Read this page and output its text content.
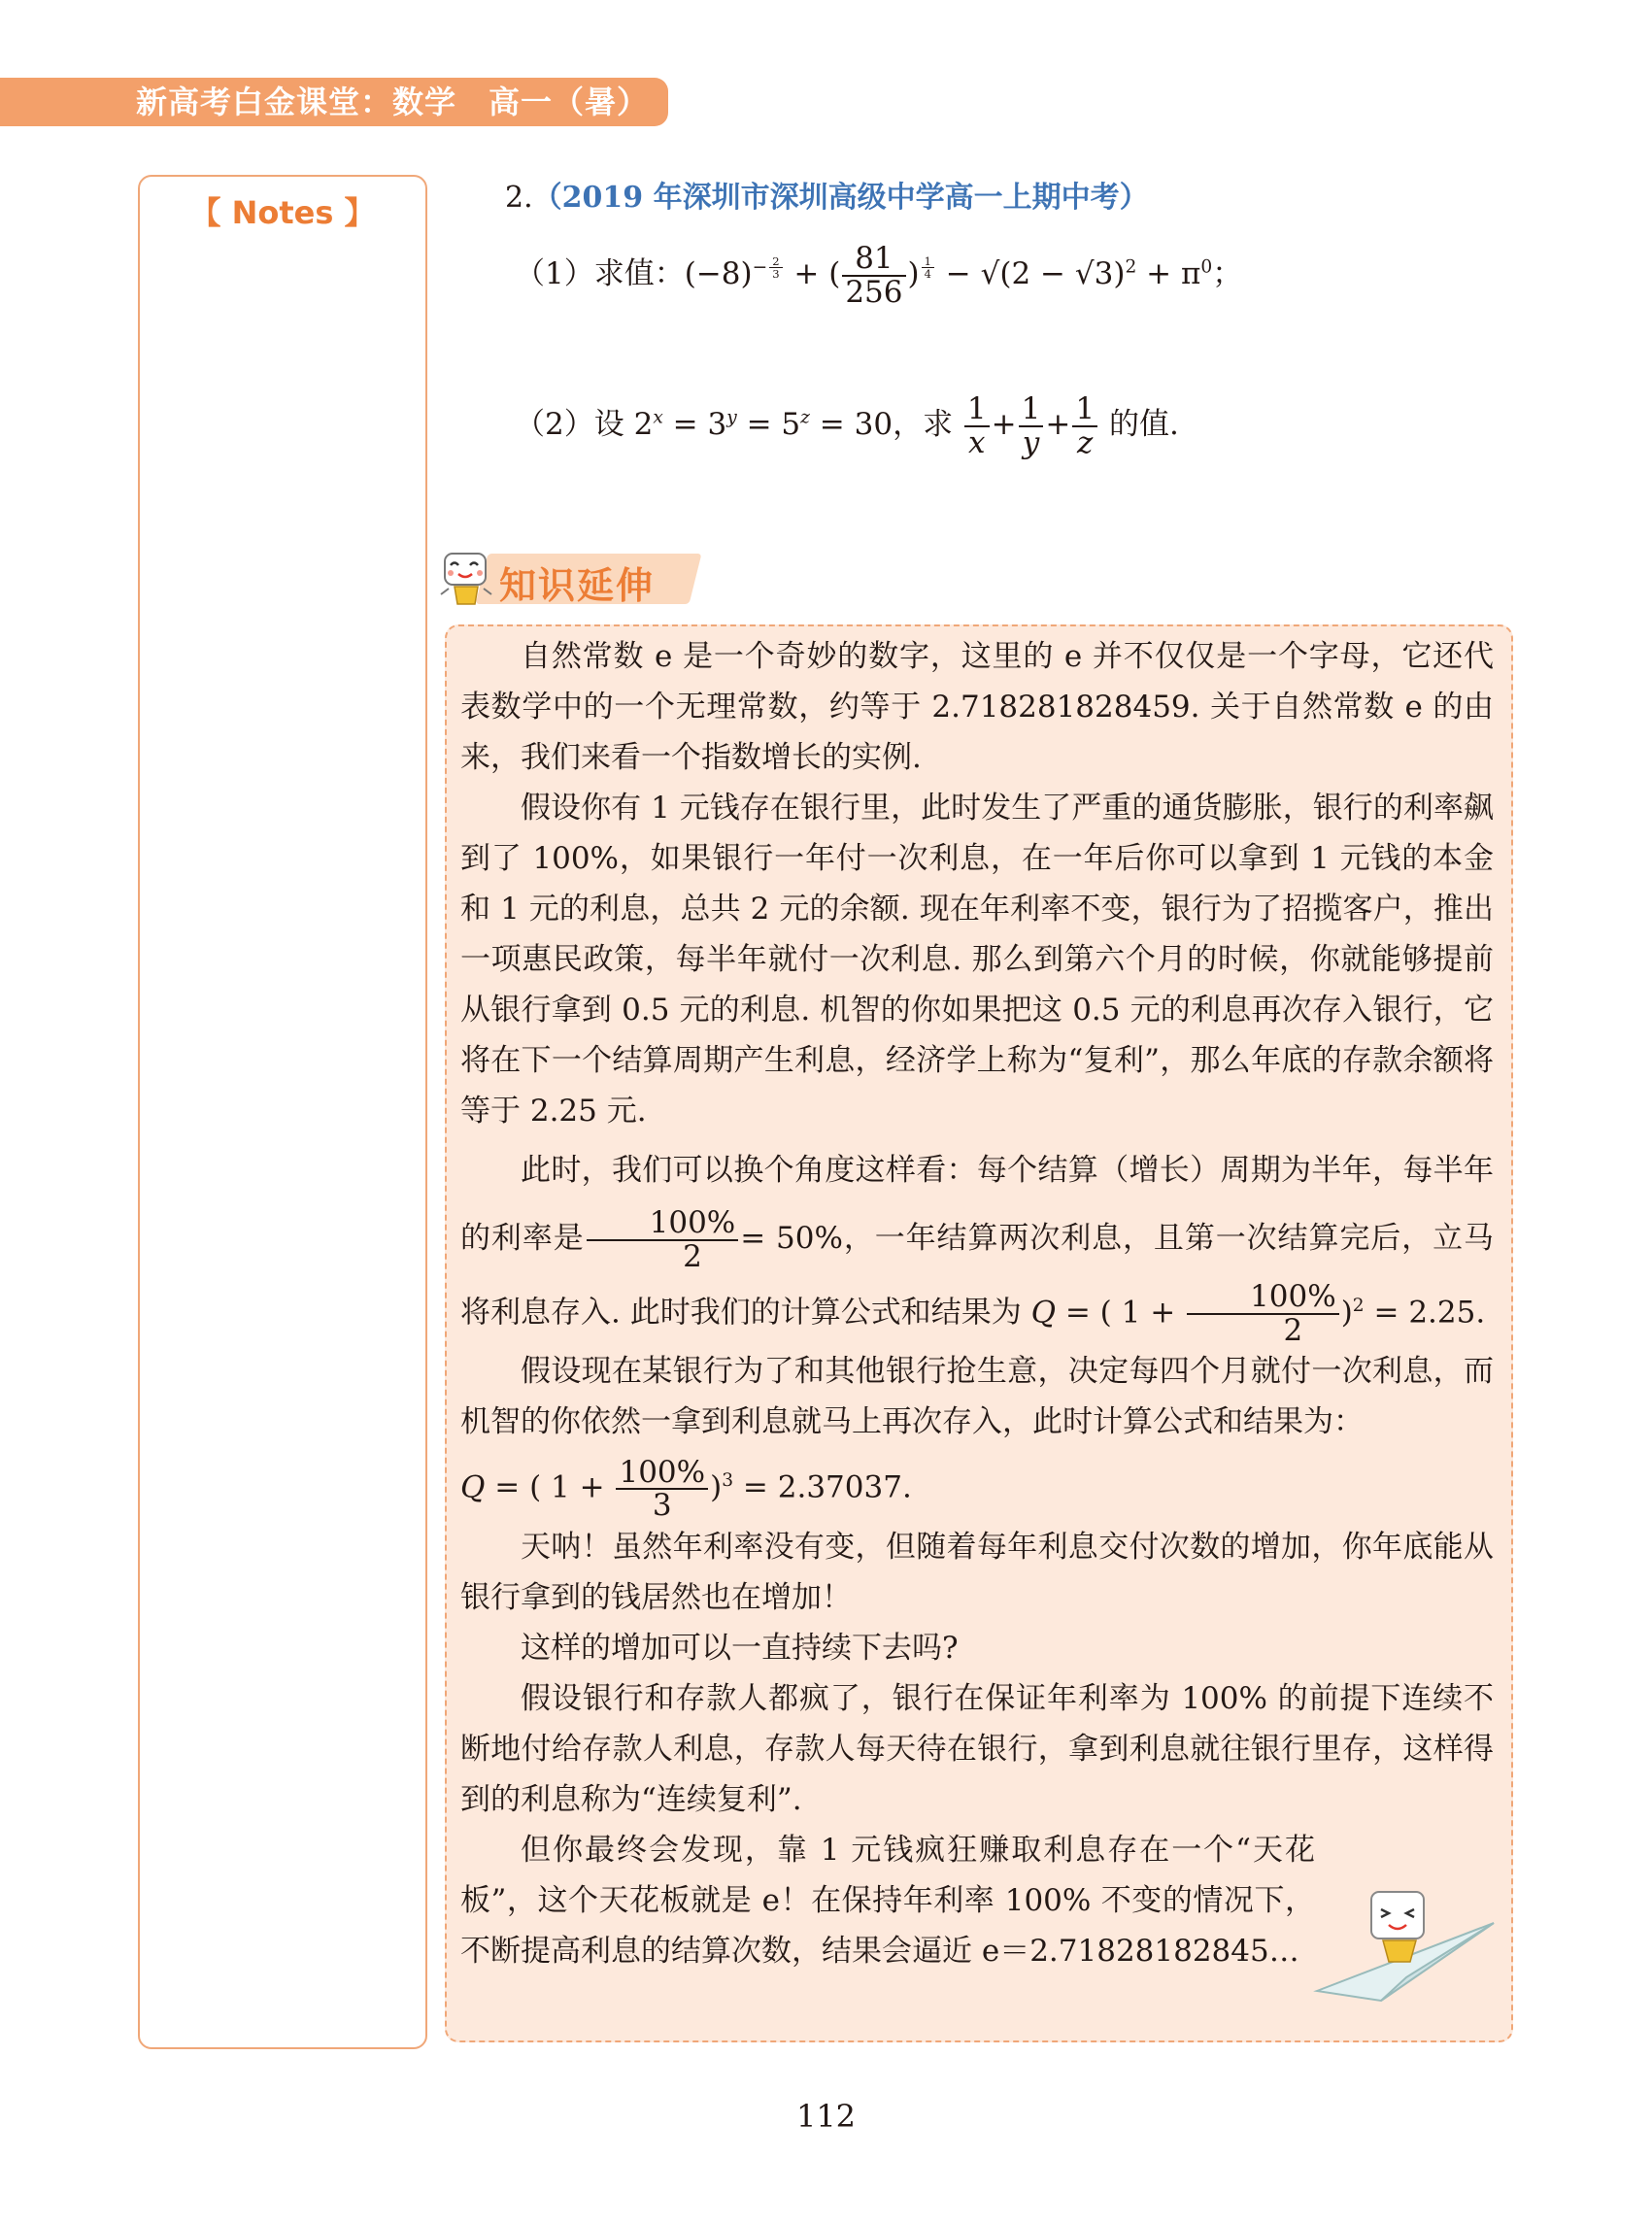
新高考白金课堂：数学　高一（暑）
【 Notes 】	2.（2019 年深圳市深圳高级中学高一上期中考）
（1）求值：$(-8)^{- \frac{2}{3}}$ + ( $\frac{81}{256}$ ) $^{\frac{1}{4}} - √(2 - √3)^2 + \pi^0$；
（2）设 $2^x = 3^y = 5^z = 30$，求 $\frac{1}{x} + \frac{1}{y} + \frac{1}{z}$ 的值.
知识延伸

自然常数 e 是一个奇妙的数字，这里的 e 并不仅仅是一个字母，它还代表数学中的一个无理常数，约等于 2.718281828459. 关于自然常数 e 的由来，我们来看一个指数增长的实例.

假设你有 1 元钱存在银行里，此时发生了严重的通货膨胀，银行的利率飙到了 100%，如果银行一年付一次利息，在一年后你可以拿到 1 元钱的本金和 1 元的利息，总共 2 元的余额. 现在年利率不变，银行为了招揽客户，推出一项惠民政策，每半年就付一次利息. 那么到第六个月的时候，你就能够提前从银行拿到 0.5 元的利息. 机智的你如果把这 0.5 元的利息再次存入银行，它将在下一个结算周期产生利息，经济学上称为“复利”，那么年底的存款余额将等于 2.25 元.

此时，我们可以换个角度这样看：每个结算（增长）周期为半年，每半年的利率是 $\frac{100\%}{2} = 50\%$，一年结算两次利息，且第一次结算完后，立马将利息存入. 此时我们的计算公式和结果为 Q = ( $1 + \frac{100\%}{2} )^2 = 2.25$.

假设现在某银行为了和其他银行抢生意，决定每四个月就付一次利息，而机智的你依然一拿到利息就马上再次存入，此时计算公式和结果为：

Q = ( $1 + \frac{100\%}{3} )^3 = 2.37037$.

天呐！虽然年利率没有变，但随着每年利息交付次数的增加，你年底能从银行拿到的钱居然也在增加！

这样的增加可以一直持续下去吗?

假设银行和存款人都疯了，银行在保证年利率为 100% 的前提下连续不断地付给存款人利息，存款人每天待在银行，拿到利息就往银行里存，这样得到的利息称为“连续复利”.

但你最终会发现，靠 1 元钱疯狂赚取利息存在一个“天花板”，这个天花板就是 e！在保持年利率 100% 不变的情况下，不断提高利息的结算次数，结果会逼近 e＝2.71828182845…

112
